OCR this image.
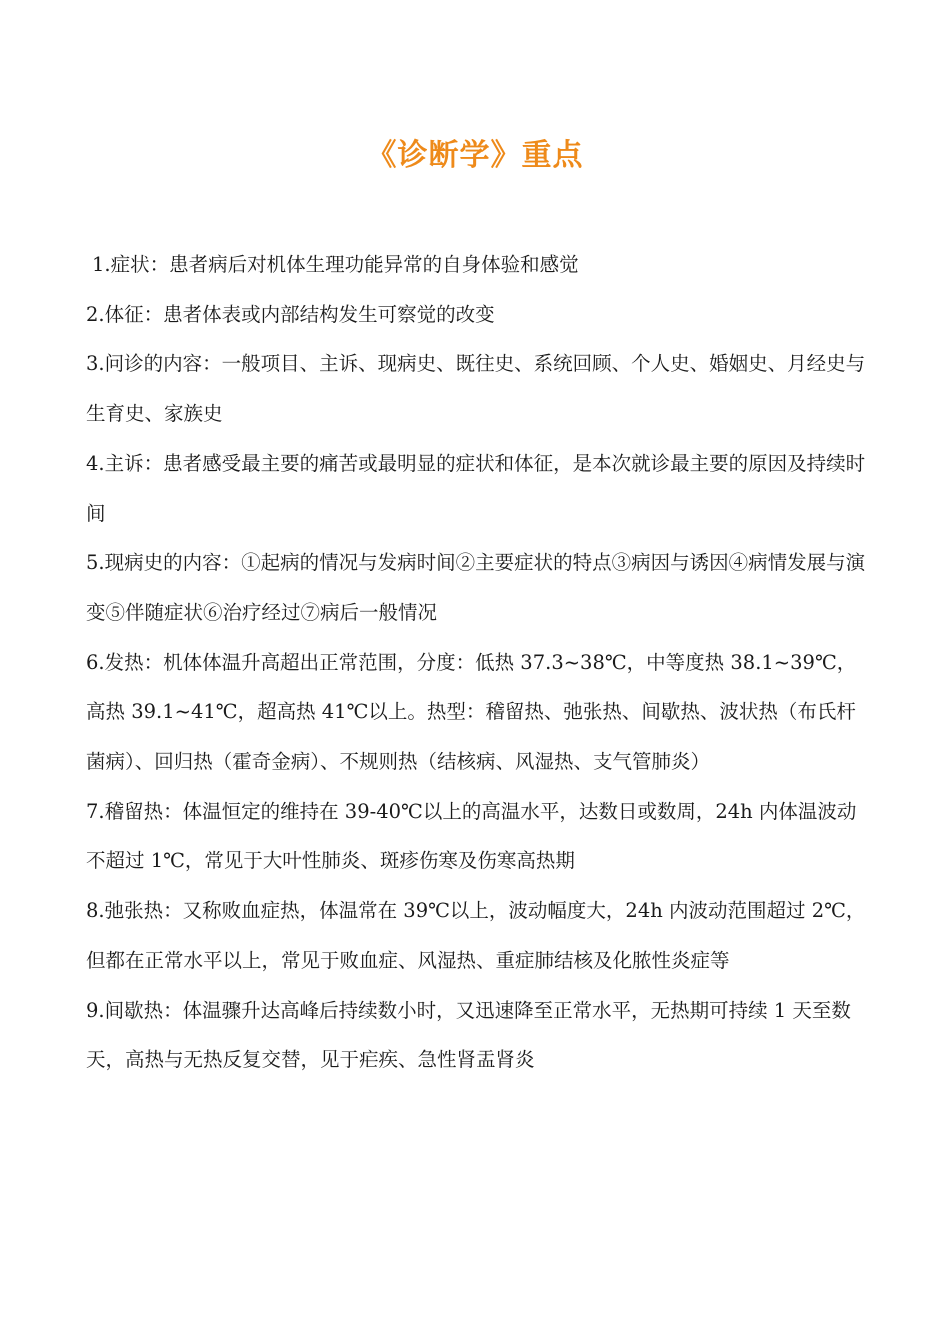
《诊断学》重点

1.症状：患者病后对机体生理功能异常的自身体验和感觉

2.体征：患者体表或内部结构发生可察觉的改变

3.问诊的内容：一般项目、主诉、现病史、既往史、系统回顾、个人史、婚姻史、月经史与生育史、家族史

4.主诉：患者感受最主要的痛苦或最明显的症状和体征，是本次就诊最主要的原因及持续时间

5.现病史的内容：①起病的情况与发病时间②主要症状的特点③病因与诱因④病情发展与演变⑤伴随症状⑥治疗经过⑦病后一般情况

6.发热：机体体温升高超出正常范围，分度：低热 37.3~38℃，中等度热 38.1~39℃，高热 39.1~41℃，超高热 41℃以上。热型：稽留热、弛张热、间歇热、波状热（布氏杆菌病）、回归热（霍奇金病）、不规则热（结核病、风湿热、支气管肺炎）

7.稽留热：体温恒定的维持在 39-40℃以上的高温水平，达数日或数周，24h 内体温波动不超过 1℃，常见于大叶性肺炎、斑疹伤寒及伤寒高热期

8.弛张热：又称败血症热，体温常在 39℃以上，波动幅度大，24h 内波动范围超过 2℃，但都在正常水平以上，常见于败血症、风湿热、重症肺结核及化脓性炎症等

9.间歇热：体温骤升达高峰后持续数小时，又迅速降至正常水平，无热期可持续 1 天至数天，高热与无热反复交替，见于疟疾、急性肾盂肾炎
